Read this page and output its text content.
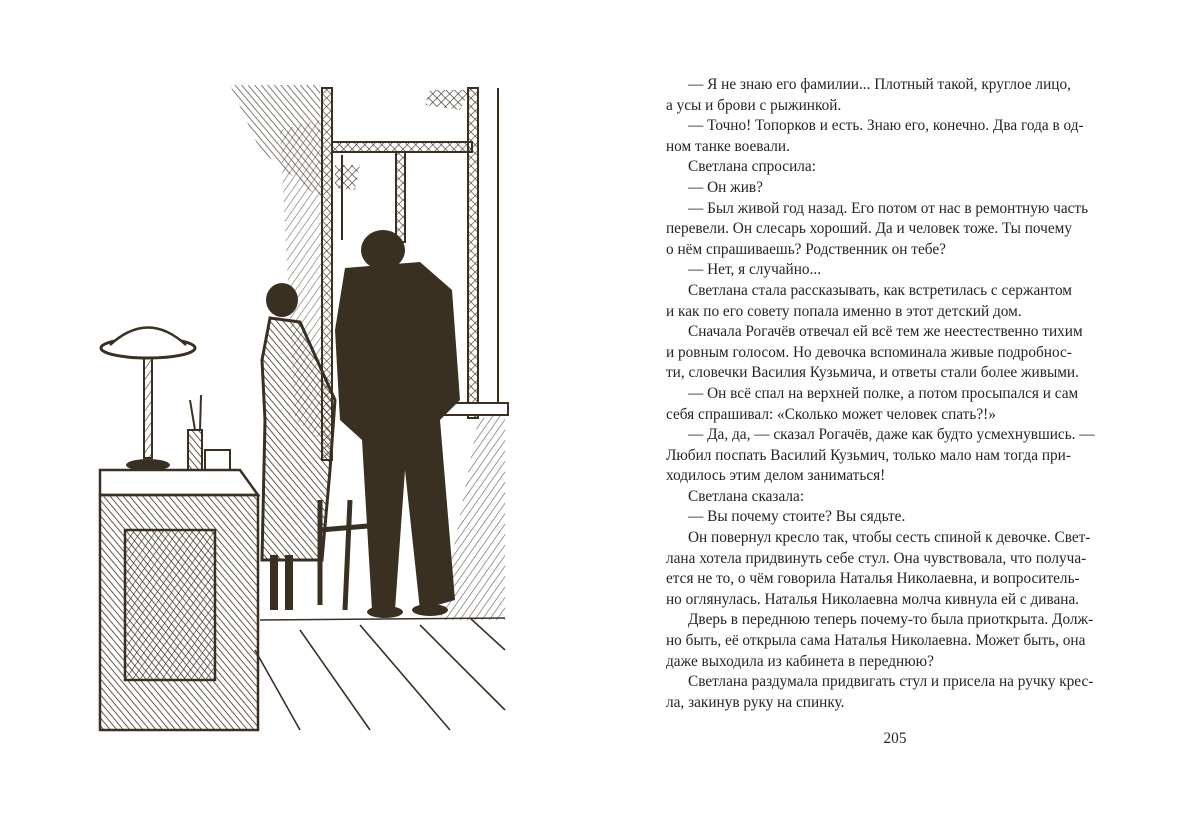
— Я не знаю его фамилии... Плотный такой, круглое лицо,
а усы и брови с рыжинкой.
— Точно! Топорков и есть. Знаю его, конечно. Два года в од-
ном танке воевали.
Светлана спросила:
— Он жив?
— Был живой год назад. Его потом от нас в ремонтную часть
перевели. Он слесарь хороший. Да и человек тоже. Ты почему
о нём спрашиваешь? Родственник он тебе?
— Нет, я случайно...
Светлана стала рассказывать, как встретилась с сержантом
и как по его совету попала именно в этот детский дом.
Сначала Рогачёв отвечал ей всё тем же неестественно тихим
и ровным голосом. Но девочка вспоминала живые подробнос-
ти, словечки Василия Кузьмича, и ответы стали более живыми.
— Он всё спал на верхней полке, а потом просыпался и сам
себя спрашивал: «Сколько может человек спать?!»
— Да, да, — сказал Рогачёв, даже как будто усмехнувшись. —
Любил поспать Василий Кузьмич, только мало нам тогда при-
ходилось этим делом заниматься!
Светлана сказала:
— Вы почему стоите? Вы сядьте.
Он повернул кресло так, чтобы сесть спиной к девочке. Свет-
лана хотела придвинуть себе стул. Она чувствовала, что получа-
ется не то, о чём говорила Наталья Николаевна, и вопроситель-
но оглянулась. Наталья Николаевна молча кивнула ей с дивана.
Дверь в переднюю теперь почему-то была приоткрыта. Долж-
но быть, её открыла сама Наталья Николаевна. Может быть, она
даже выходила из кабинета в переднюю?
Светлана раздумала придвигать стул и присела на ручку крес-
ла, закинув руку на спинку.
205
